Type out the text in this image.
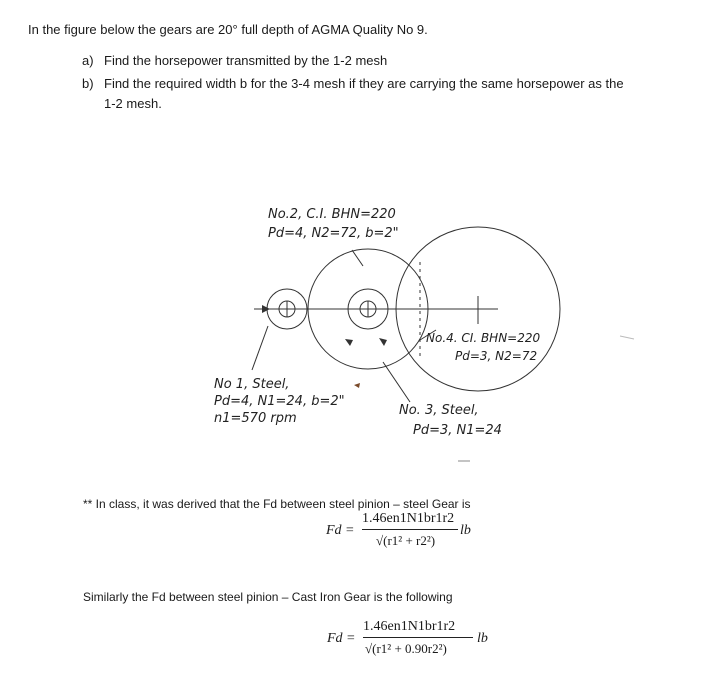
In the figure below the gears are 20° full depth of AGMA Quality No 9.
a) Find the horsepower transmitted by the 1-2 mesh
b) Find the required width b for the 3-4 mesh if they are carrying the same horsepower as the
1-2 mesh.
No.2, C.I. BHN=220
Pd=4, N2=72, b=2"
No.4. CI. BHN=220
Pd=3, N2=72
No 1, Steel,
Pd=4, N1=24, b=2"
n1=570 rpm
No. 3, Steel,
Pd=3, N1=24
** In class, it was derived that the Fd between steel pinion – steel Gear is
Fd =
1.46en1N1br1r2
√(r1² + r2²)
lb
Similarly the Fd between steel pinion – Cast Iron Gear is the following
Fd =
1.46en1N1br1r2
√(r1² + 0.90r2²)
lb
